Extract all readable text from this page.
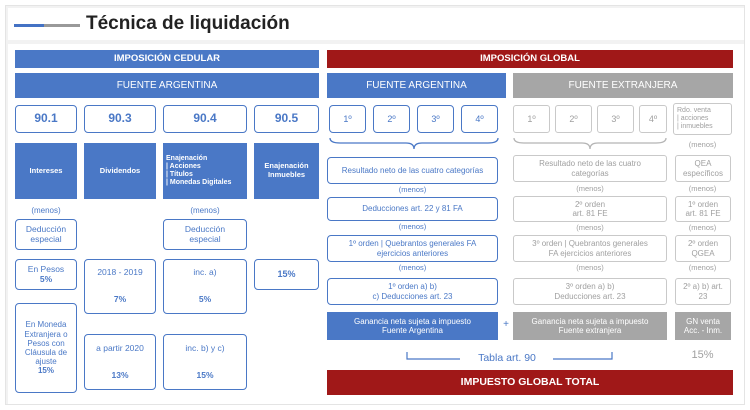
Técnica de liquidación
IMPOSICIÓN CEDULAR
FUENTE ARGENTINA
90.1	90.3	90.4	90.5
Intereses	Dividendos
Enajenación
| Acciones
| Títulos
| Monedas Digitales
Enajenación
Inmuebles
(menos)	(menos)
Deducción
especial
Deducción
especial
En Pesos
5%
2018 - 2019
7%
inc. a)
5%
15%
En Moneda
Extranjera o
Pesos con
Cláusula de
ajuste
15%
a partir 2020
13%
inc. b) y c)
15%
IMPOSICIÓN GLOBAL
FUENTE ARGENTINA	FUENTE EXTRANJERA
1º	2º	3º	4º	1º	2º	3º	4º
Rdo. venta
| acciones
| inmuebles
(menos)
Resultado neto de las cuatro categorías
(menos)
Deducciones art. 22 y 81 FA
(menos)
1º orden | Quebrantos generales FA
ejercicios anteriores
(menos)
1º orden a) b)
c) Deducciones art. 23
Ganancia neta sujeta a impuesto
Fuente Argentina
+
Resultado neto de las cuatro
categorías
(menos)
2º orden
art. 81 FE
(menos)
3º orden | Quebrantos generales
FA ejercicios anteriores
(menos)
3º orden a) b)
Deducciones art. 23
Ganancia neta sujeta a impuesto
Fuente extranjera
QEA
específicos
(menos)
1º orden
art. 81 FE
(menos)
2º orden
QGEA
(menos)
2º a) b) art.
23
GN venta
Acc. - Inm.
Tabla art. 90	15%
IMPUESTO GLOBAL TOTAL
